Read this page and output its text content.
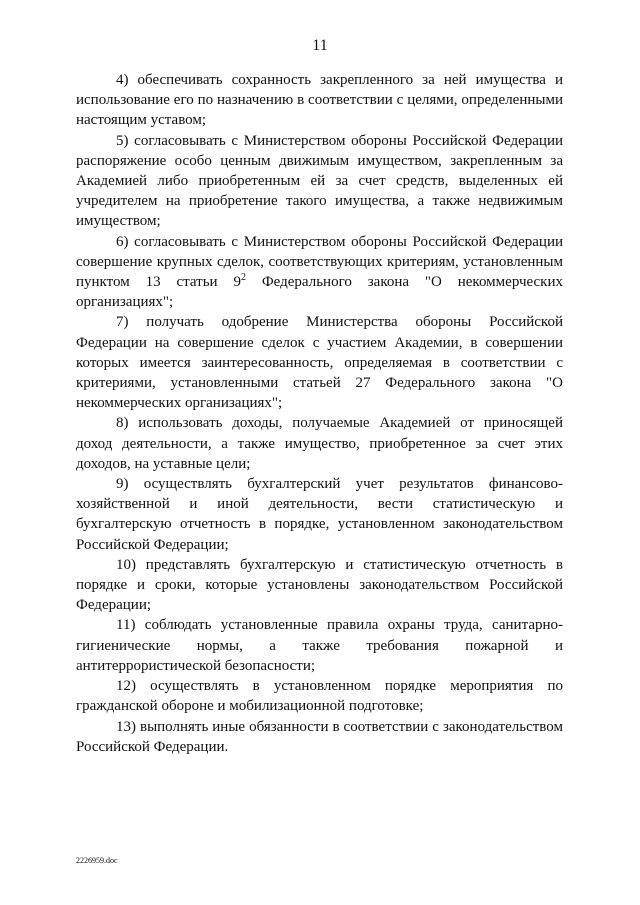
11

4) обеспечивать сохранность закрепленного за ней имущества и использование его по назначению в соответствии с целями, определенными настоящим уставом;

5) согласовывать с Министерством обороны Российской Федерации распоряжение особо ценным движимым имуществом, закрепленным за Академией либо приобретенным ей за счет средств, выделенных ей учредителем на приобретение такого имущества, а также недвижимым имуществом;

6) согласовывать с Министерством обороны Российской Федерации совершение крупных сделок, соответствующих критериям, установленным пунктом 13 статьи $9^2$ Федерального закона "О некоммерческих организациях";

7) получать одобрение Министерства обороны Российской Федерации на совершение сделок с участием Академии, в совершении которых имеется заинтересованность, определяемая в соответствии с критериями, установленными статьей 27 Федерального закона "О некоммерческих организациях";

8) использовать доходы, получаемые Академией от приносящей доход деятельности, а также имущество, приобретенное за счет этих доходов, на уставные цели;

9) осуществлять бухгалтерский учет результатов финансово-хозяйственной и иной деятельности, вести статистическую и бухгалтерскую отчетность в порядке, установленном законодательством Российской Федерации;

10) представлять бухгалтерскую и статистическую отчетность в порядке и сроки, которые установлены законодательством Российской Федерации;

11) соблюдать установленные правила охраны труда, санитарно-гигиенические нормы, а также требования пожарной и антитеррористической безопасности;

12) осуществлять в установленном порядке мероприятия по гражданской обороне и мобилизационной подготовке;

13) выполнять иные обязанности в соответствии с законодательством Российской Федерации.

2226959.doc
